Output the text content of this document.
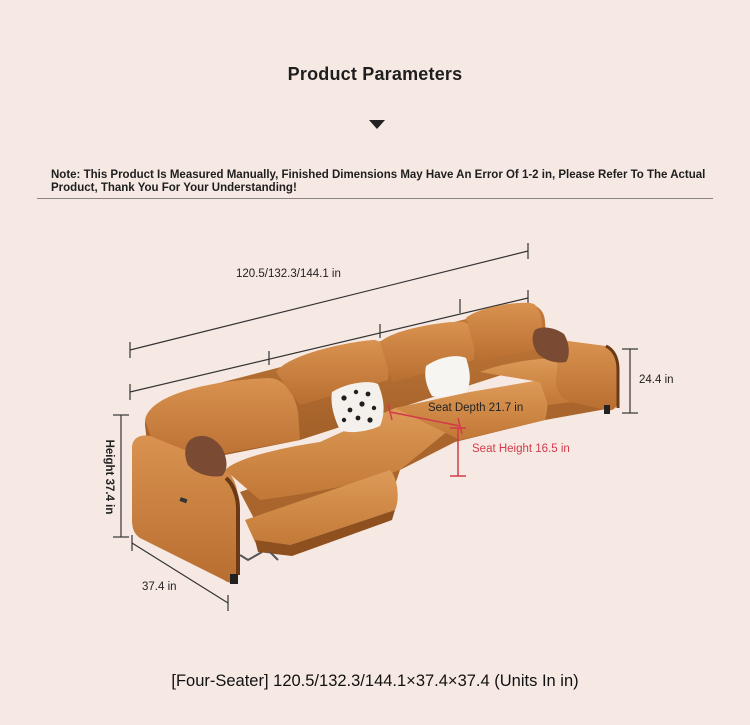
Product Parameters
Note: This Product Is Measured Manually, Finished Dimensions May Have An Error Of 1-2 in, Please Refer To The Actual Product, Thank You For Your Understanding!
120.5/132.3/144.1 in
24.4 in
Seat Depth 21.7 in
Seat Height 16.5 in
Height 37.4 in
37.4 in
[Four-Seater] 120.5/132.3/144.1×37.4×37.4 (Units In in)
